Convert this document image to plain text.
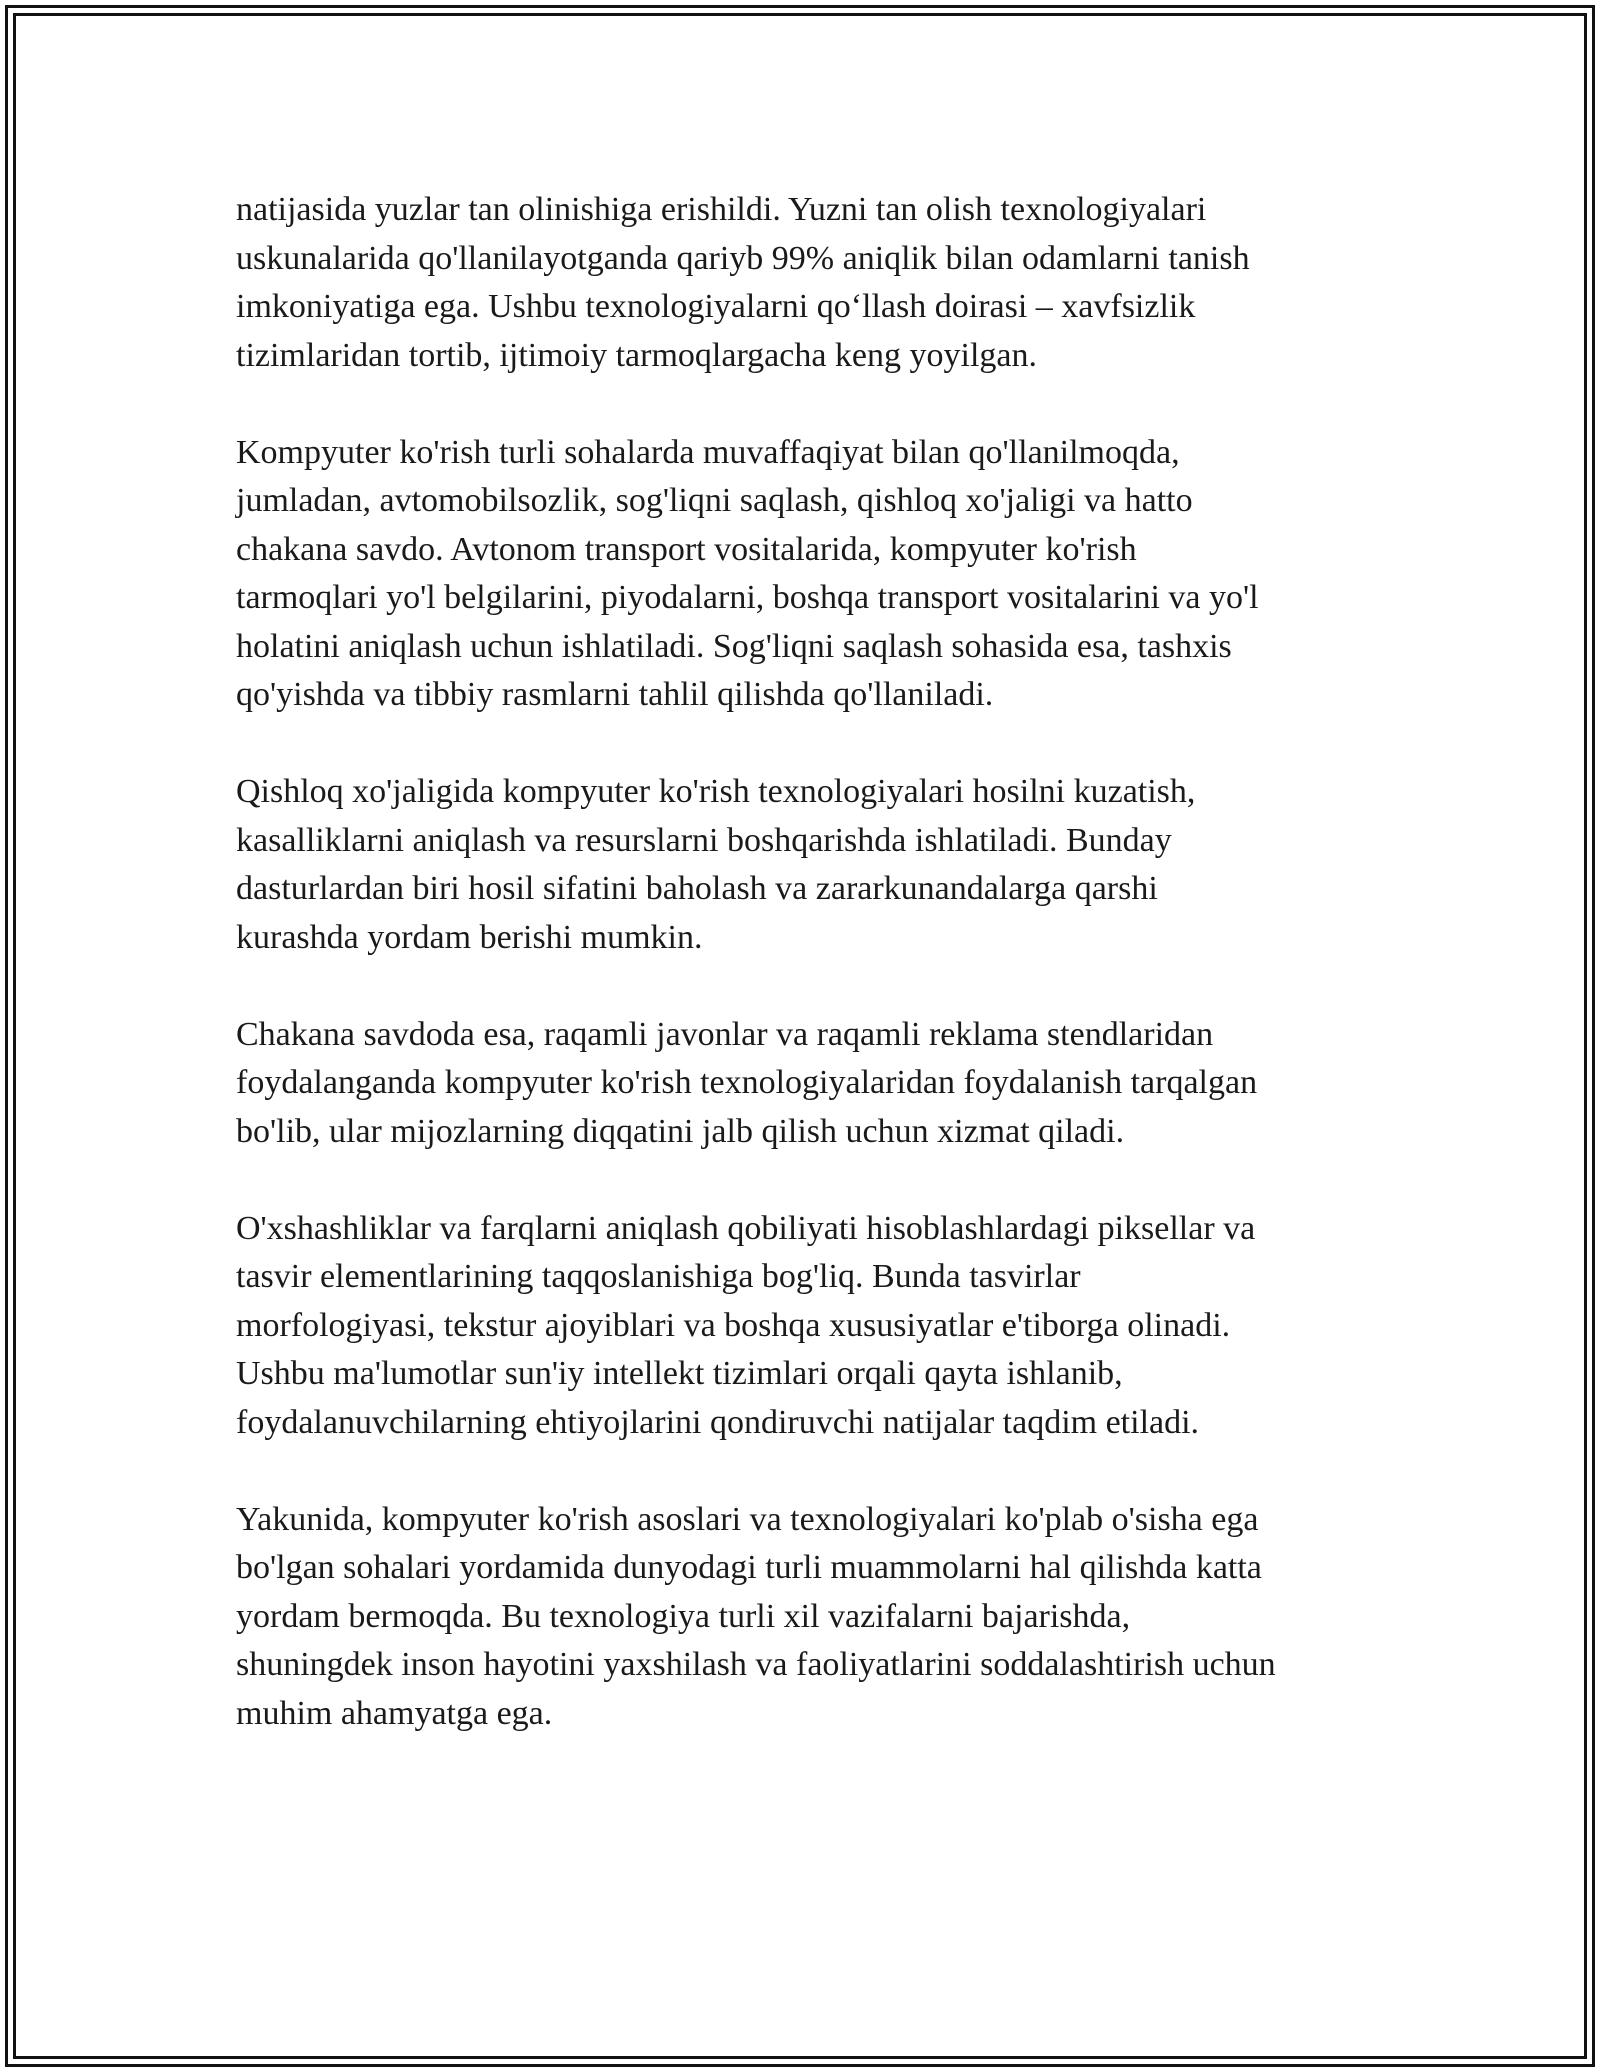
natijasida yuzlar tan olinishiga erishildi. Yuzni tan olish texnologiyalari
uskunalarida qo'llanilayotganda qariyb 99% aniqlik bilan odamlarni tanish
imkoniyatiga ega. Ushbu texnologiyalarni qo‘llash doirasi – xavfsizlik
tizimlaridan tortib, ijtimoiy tarmoqlargacha keng yoyilgan.

Kompyuter ko'rish turli sohalarda muvaffaqiyat bilan qo'llanilmoqda,
jumladan, avtomobilsozlik, sog'liqni saqlash, qishloq xo'jaligi va hatto
chakana savdo. Avtonom transport vositalarida, kompyuter ko'rish
tarmoqlari yo'l belgilarini, piyodalarni, boshqa transport vositalarini va yo'l
holatini aniqlash uchun ishlatiladi. Sog'liqni saqlash sohasida esa, tashxis
qo'yishda va tibbiy rasmlarni tahlil qilishda qo'llaniladi.

Qishloq xo'jaligida kompyuter ko'rish texnologiyalari hosilni kuzatish,
kasalliklarni aniqlash va resurslarni boshqarishda ishlatiladi. Bunday
dasturlardan biri hosil sifatini baholash va zararkunandalarga qarshi
kurashda yordam berishi mumkin.

Chakana savdoda esa, raqamli javonlar va raqamli reklama stendlaridan
foydalanganda kompyuter ko'rish texnologiyalaridan foydalanish tarqalgan
bo'lib, ular mijozlarning diqqatini jalb qilish uchun xizmat qiladi.

O'xshashliklar va farqlarni aniqlash qobiliyati hisoblashlardagi piksellar va
tasvir elementlarining taqqoslanishiga bog'liq. Bunda tasvirlar
morfologiyasi, tekstur ajoyiblari va boshqa xususiyatlar e'tiborga olinadi.
Ushbu ma'lumotlar sun'iy intellekt tizimlari orqali qayta ishlanib,
foydalanuvchilarning ehtiyojlarini qondiruvchi natijalar taqdim etiladi.

Yakunida, kompyuter ko'rish asoslari va texnologiyalari ko'plab o'sisha ega
bo'lgan sohalari yordamida dunyodagi turli muammolarni hal qilishda katta
yordam bermoqda. Bu texnologiya turli xil vazifalarni bajarishda,
shuningdek inson hayotini yaxshilash va faoliyatlarini soddalashtirish uchun
muhim ahamyatga ega.
